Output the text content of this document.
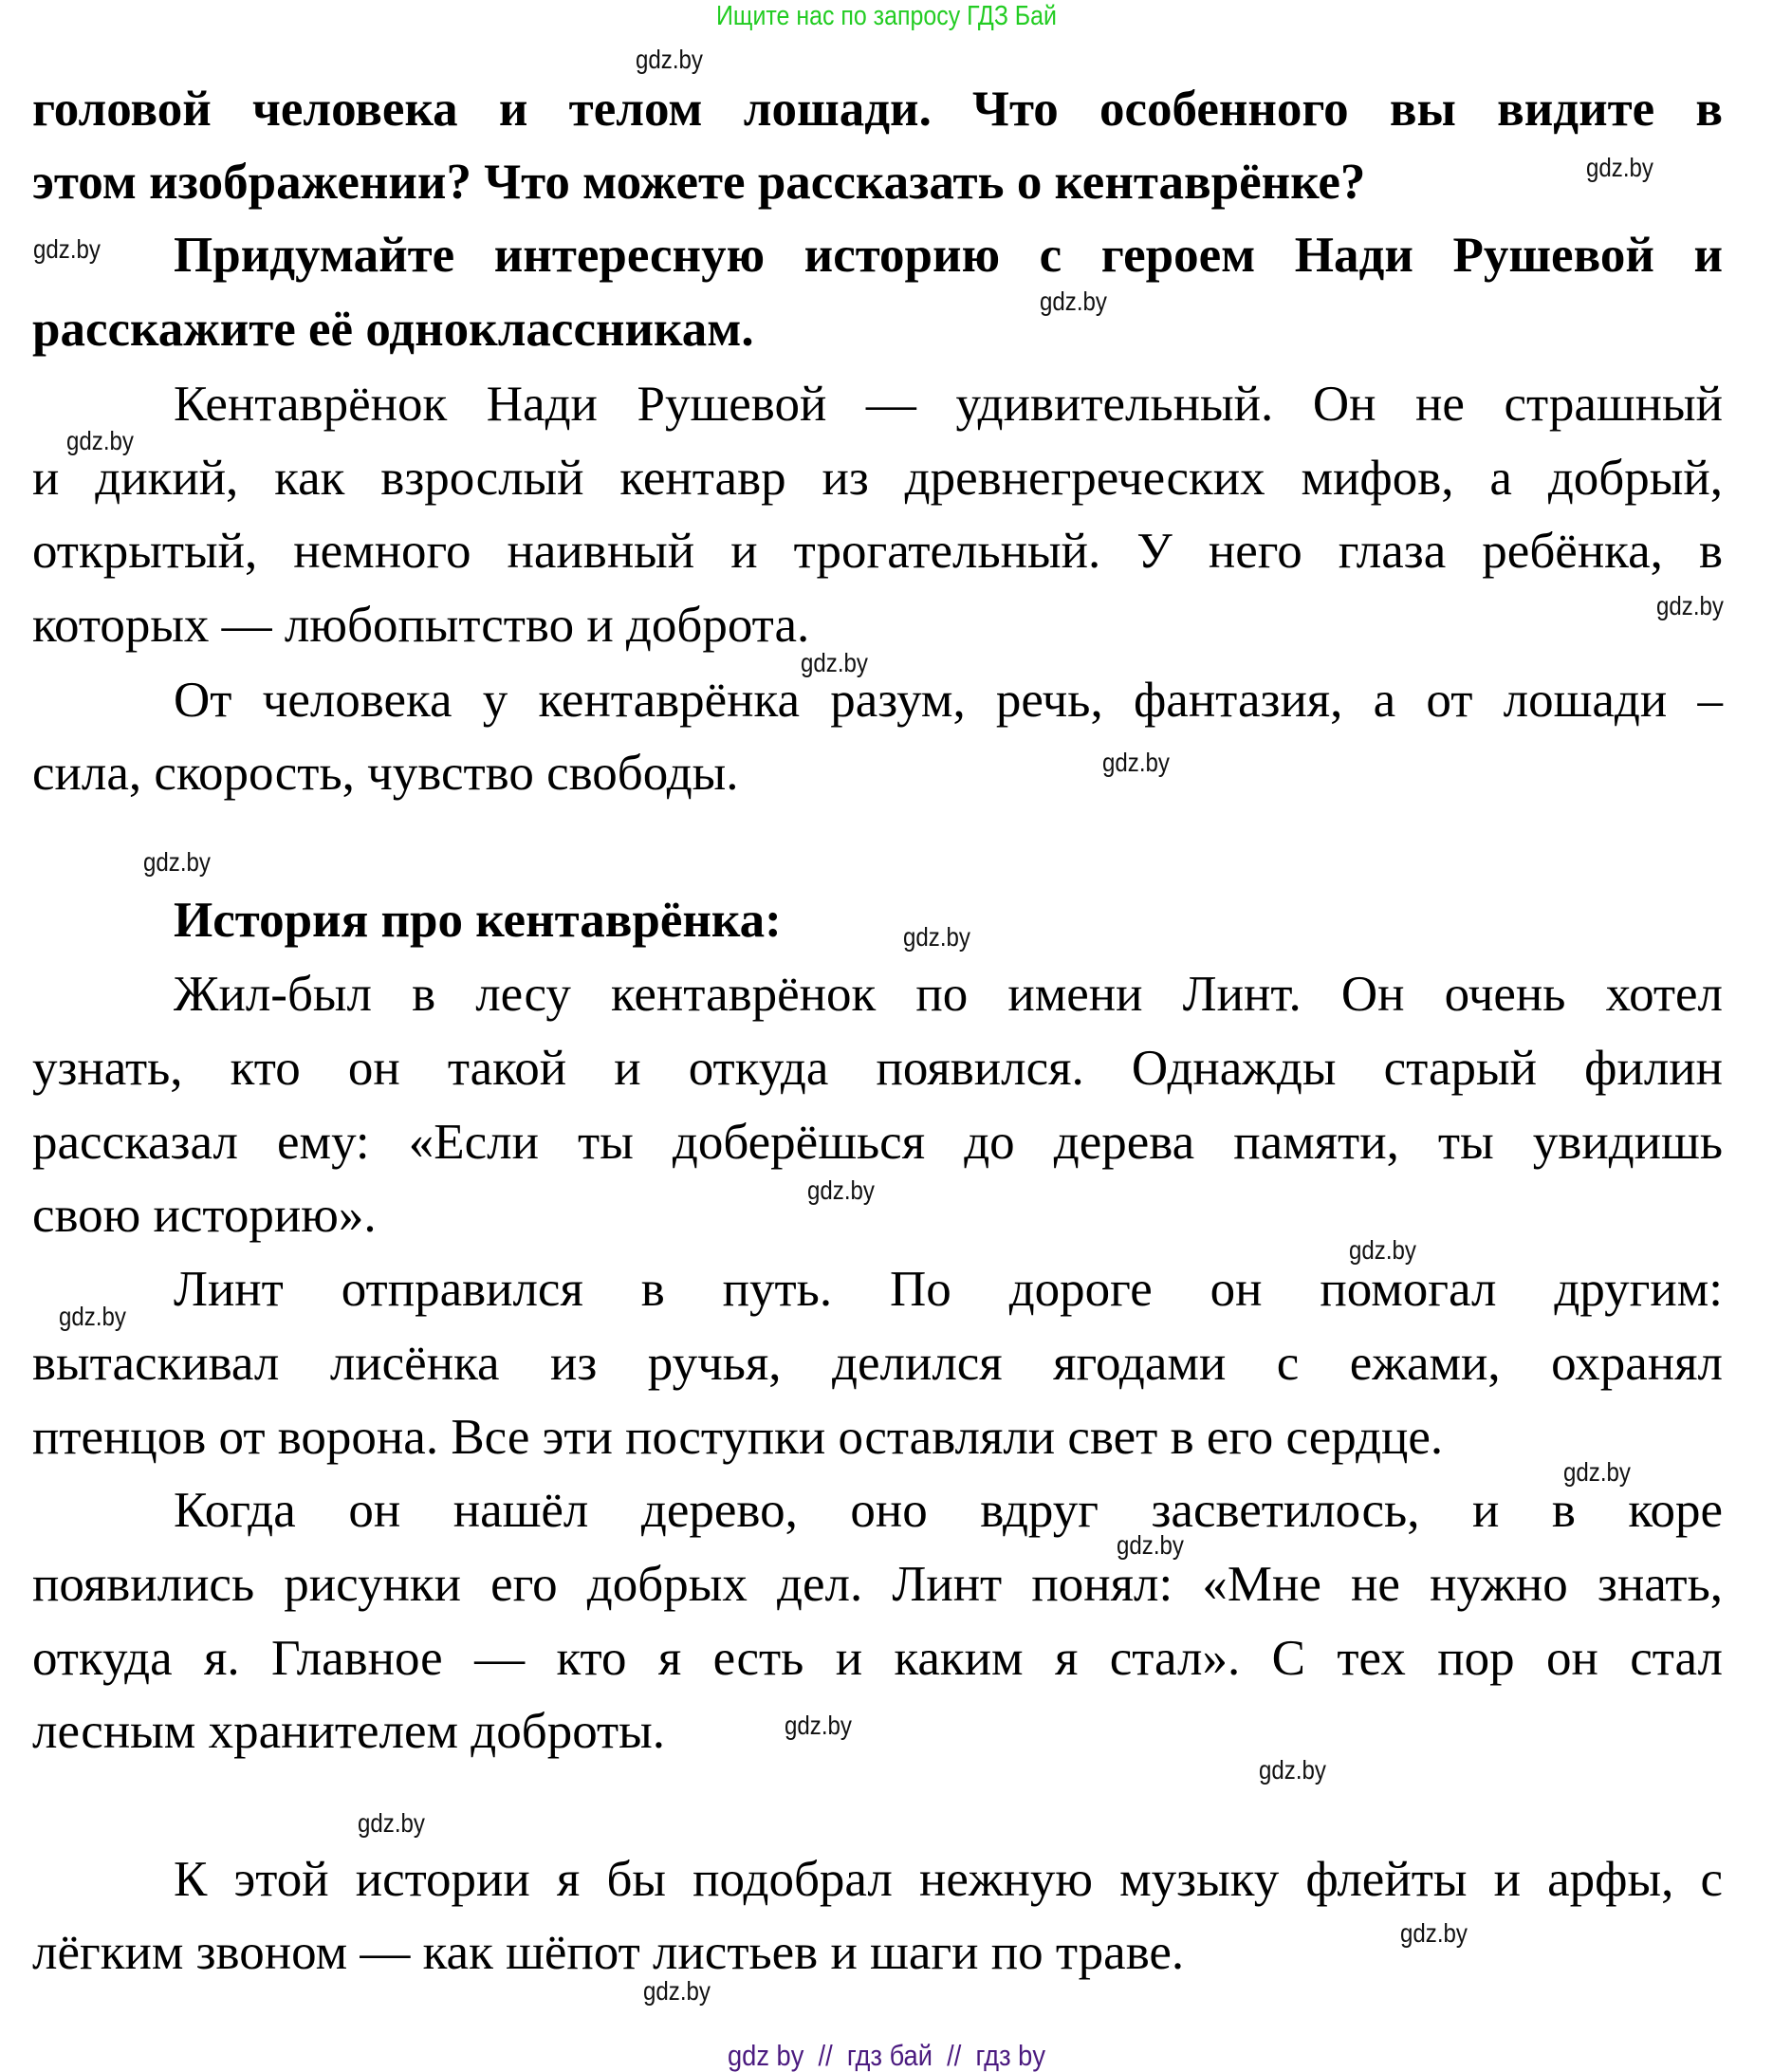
Ищите нас по запросу ГДЗ Бай
головой человека и телом лошади. Что особенного вы видите в
этом изображении? Что можете рассказать о кентаврёнке?
Придумайте интересную историю с героем Нади Рушевой и
расскажите её одноклассникам.
Кентаврёнок Нади Рушевой — удивительный. Он не страшный
и дикий, как взрослый кентавр из древнегреческих мифов, а добрый,
открытый, немного наивный и трогательный. У него глаза ребёнка, в
которых — любопытство и доброта.
От человека у кентаврёнка разум, речь, фантазия, а от лошади –
сила, скорость, чувство свободы.
История про кентаврёнка:
Жил-был в лесу кентаврёнок по имени Линт. Он очень хотел
узнать, кто он такой и откуда появился. Однажды старый филин
рассказал ему: «Если ты доберёшься до дерева памяти, ты увидишь
свою историю».
Линт отправился в путь. По дороге он помогал другим:
вытаскивал лисёнка из ручья, делился ягодами с ежами, охранял
птенцов от ворона. Все эти поступки оставляли свет в его сердце.
Когда он нашёл дерево, оно вдруг засветилось, и в коре
появились рисунки его добрых дел. Линт понял: «Мне не нужно знать,
откуда я. Главное — кто я есть и каким я стал». С тех пор он стал
лесным хранителем доброты.
К этой истории я бы подобрал нежную музыку флейты и арфы, с
лёгким звоном — как шёпот листьев и шаги по траве.
gdz.by
gdz.by
gdz.by
gdz.by
gdz.by
gdz.by
gdz.by
gdz.by
gdz.by
gdz.by
gdz.by
gdz.by
gdz.by
gdz.by
gdz.by
gdz.by
gdz.by
gdz.by
gdz.by
gdz.by
gdz by  //  гдз бай  //  гдз by
